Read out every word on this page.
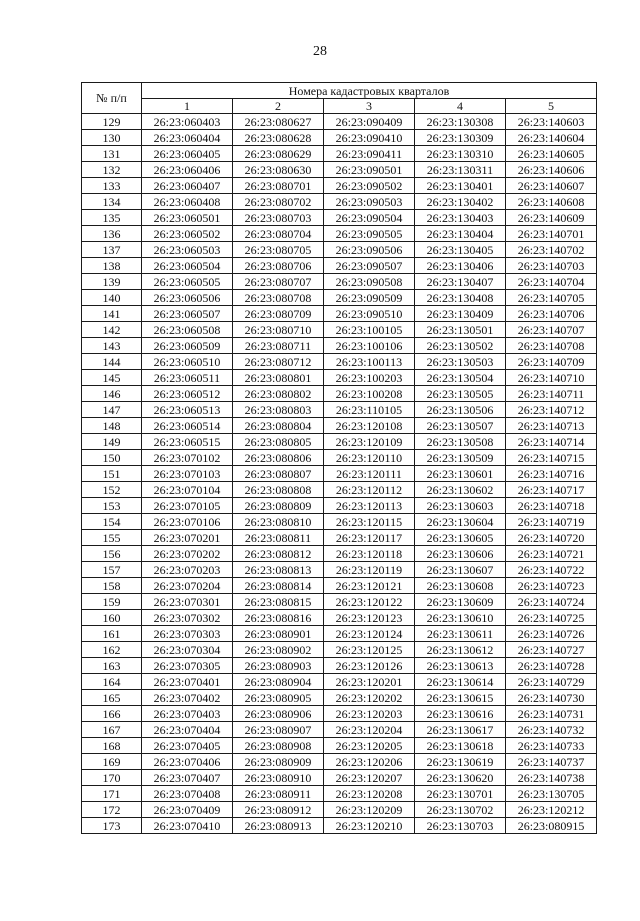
28
№ п/п	Номера кадастровых кварталов				
	1	2	3	4	5
129	26:23:060403	26:23:080627	26:23:090409	26:23:130308	26:23:140603
130	26:23:060404	26:23:080628	26:23:090410	26:23:130309	26:23:140604
131	26:23:060405	26:23:080629	26:23:090411	26:23:130310	26:23:140605
132	26:23:060406	26:23:080630	26:23:090501	26:23:130311	26:23:140606
133	26:23:060407	26:23:080701	26:23:090502	26:23:130401	26:23:140607
134	26:23:060408	26:23:080702	26:23:090503	26:23:130402	26:23:140608
135	26:23:060501	26:23:080703	26:23:090504	26:23:130403	26:23:140609
136	26:23:060502	26:23:080704	26:23:090505	26:23:130404	26:23:140701
137	26:23:060503	26:23:080705	26:23:090506	26:23:130405	26:23:140702
138	26:23:060504	26:23:080706	26:23:090507	26:23:130406	26:23:140703
139	26:23:060505	26:23:080707	26:23:090508	26:23:130407	26:23:140704
140	26:23:060506	26:23:080708	26:23:090509	26:23:130408	26:23:140705
141	26:23:060507	26:23:080709	26:23:090510	26:23:130409	26:23:140706
142	26:23:060508	26:23:080710	26:23:100105	26:23:130501	26:23:140707
143	26:23:060509	26:23:080711	26:23:100106	26:23:130502	26:23:140708
144	26:23:060510	26:23:080712	26:23:100113	26:23:130503	26:23:140709
145	26:23:060511	26:23:080801	26:23:100203	26:23:130504	26:23:140710
146	26:23:060512	26:23:080802	26:23:100208	26:23:130505	26:23:140711
147	26:23:060513	26:23:080803	26:23:110105	26:23:130506	26:23:140712
148	26:23:060514	26:23:080804	26:23:120108	26:23:130507	26:23:140713
149	26:23:060515	26:23:080805	26:23:120109	26:23:130508	26:23:140714
150	26:23:070102	26:23:080806	26:23:120110	26:23:130509	26:23:140715
151	26:23:070103	26:23:080807	26:23:120111	26:23:130601	26:23:140716
152	26:23:070104	26:23:080808	26:23:120112	26:23:130602	26:23:140717
153	26:23:070105	26:23:080809	26:23:120113	26:23:130603	26:23:140718
154	26:23:070106	26:23:080810	26:23:120115	26:23:130604	26:23:140719
155	26:23:070201	26:23:080811	26:23:120117	26:23:130605	26:23:140720
156	26:23:070202	26:23:080812	26:23:120118	26:23:130606	26:23:140721
157	26:23:070203	26:23:080813	26:23:120119	26:23:130607	26:23:140722
158	26:23:070204	26:23:080814	26:23:120121	26:23:130608	26:23:140723
159	26:23:070301	26:23:080815	26:23:120122	26:23:130609	26:23:140724
160	26:23:070302	26:23:080816	26:23:120123	26:23:130610	26:23:140725
161	26:23:070303	26:23:080901	26:23:120124	26:23:130611	26:23:140726
162	26:23:070304	26:23:080902	26:23:120125	26:23:130612	26:23:140727
163	26:23:070305	26:23:080903	26:23:120126	26:23:130613	26:23:140728
164	26:23:070401	26:23:080904	26:23:120201	26:23:130614	26:23:140729
165	26:23:070402	26:23:080905	26:23:120202	26:23:130615	26:23:140730
166	26:23:070403	26:23:080906	26:23:120203	26:23:130616	26:23:140731
167	26:23:070404	26:23:080907	26:23:120204	26:23:130617	26:23:140732
168	26:23:070405	26:23:080908	26:23:120205	26:23:130618	26:23:140733
169	26:23:070406	26:23:080909	26:23:120206	26:23:130619	26:23:140737
170	26:23:070407	26:23:080910	26:23:120207	26:23:130620	26:23:140738
171	26:23:070408	26:23:080911	26:23:120208	26:23:130701	26:23:130705
172	26:23:070409	26:23:080912	26:23:120209	26:23:130702	26:23:120212
173	26:23:070410	26:23:080913	26:23:120210	26:23:130703	26:23:080915
